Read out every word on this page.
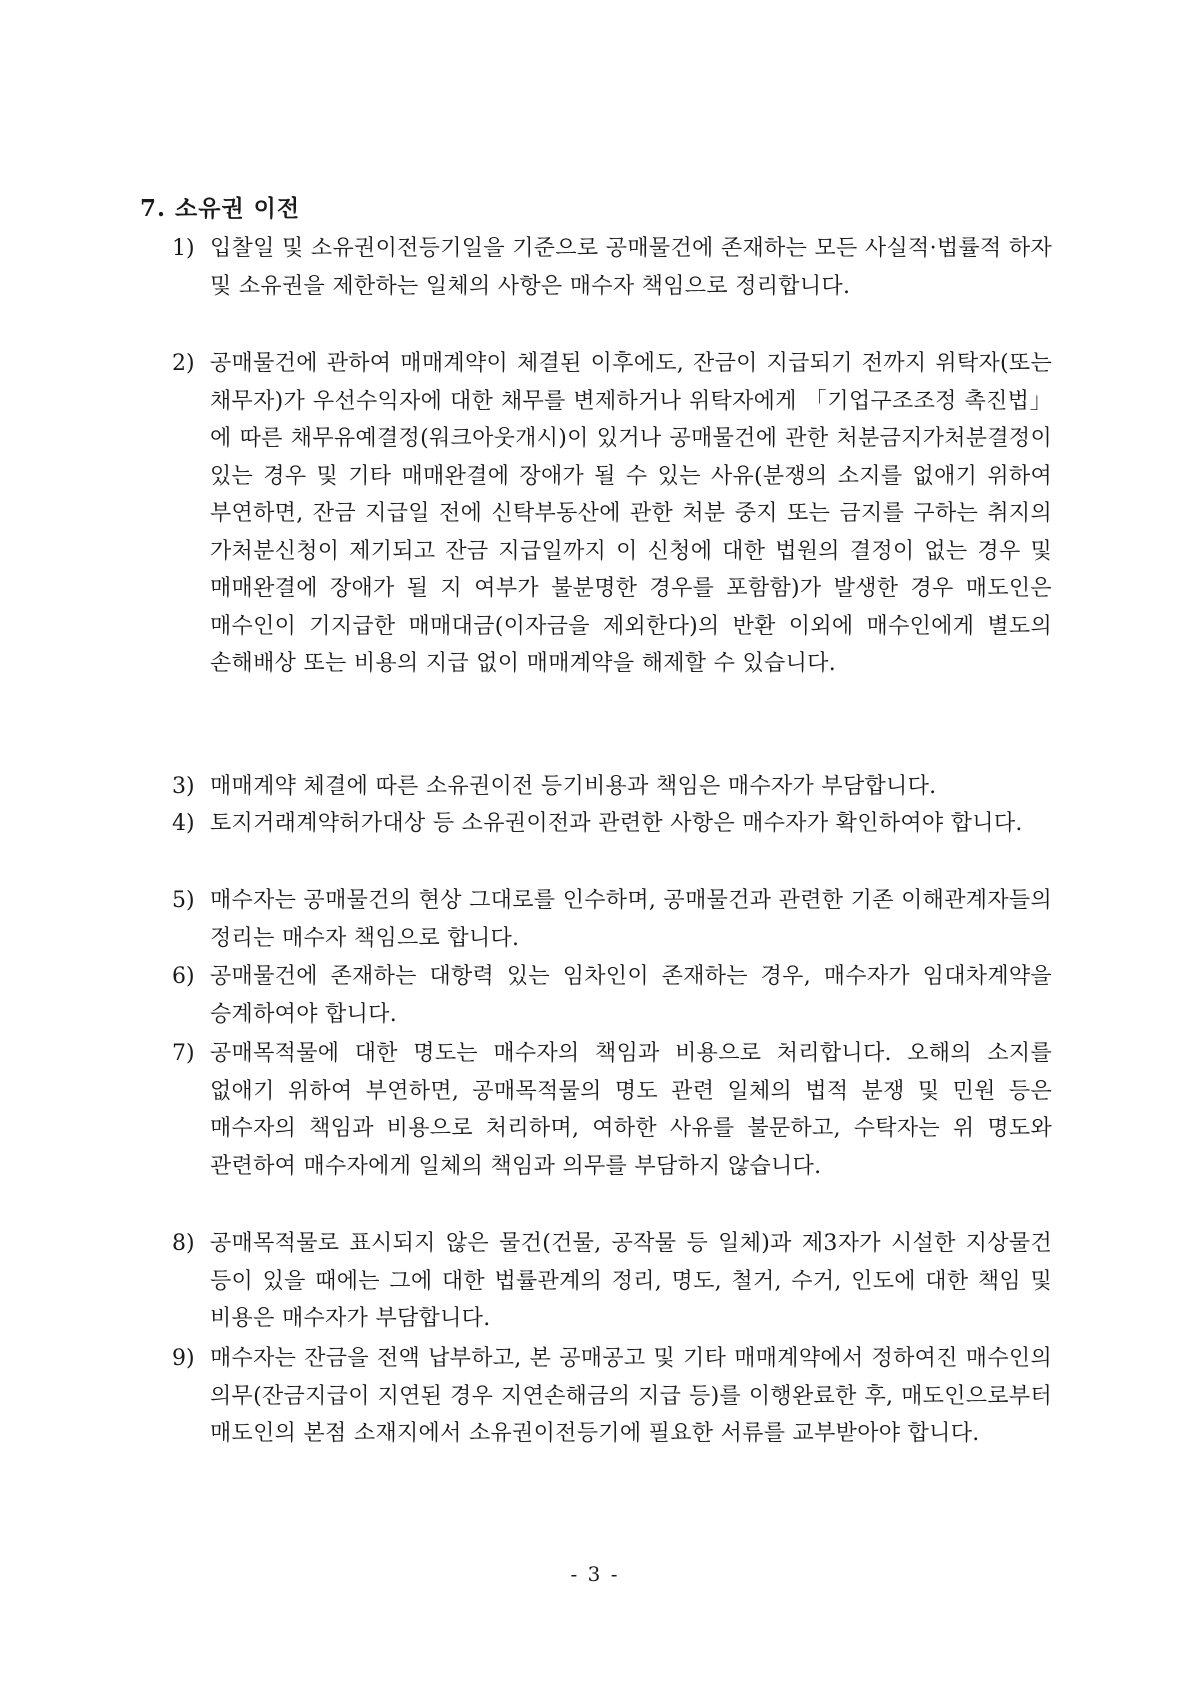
7. 소유권 이전
1) 입찰일 및 소유권이전등기일을 기준으로 공매물건에 존재하는 모든 사실적·법률적 하자 및 소유권을 제한하는 일체의 사항은 매수자 책임으로 정리합니다.
2) 공매물건에 관하여 매매계약이 체결된 이후에도, 잔금이 지급되기 전까지 위탁자(또는 채무자)가 우선수익자에 대한 채무를 변제하거나 위탁자에게 「기업구조조정 촉진법」에 따른 채무유예결정(워크아웃개시)이 있거나 공매물건에 관한 처분금지가처분결정이 있는 경우 및 기타 매매완결에 장애가 될 수 있는 사유(분쟁의 소지를 없애기 위하여 부연하면, 잔금 지급일 전에 신탁부동산에 관한 처분 중지 또는 금지를 구하는 취지의 가처분신청이 제기되고 잔금 지급일까지 이 신청에 대한 법원의 결정이 없는 경우 및 매매완결에 장애가 될 지 여부가 불분명한 경우를 포함함)가 발생한 경우 매도인은 매수인이 기지급한 매매대금(이자금을 제외한다)의 반환 이외에 매수인에게 별도의 손해배상 또는 비용의 지급 없이 매매계약을 해제할 수 있습니다.
3) 매매계약 체결에 따른 소유권이전 등기비용과 책임은 매수자가 부담합니다.
4) 토지거래계약허가대상 등 소유권이전과 관련한 사항은 매수자가 확인하여야 합니다.
5) 매수자는 공매물건의 현상 그대로를 인수하며, 공매물건과 관련한 기존 이해관계자들의 정리는 매수자 책임으로 합니다.
6) 공매물건에 존재하는 대항력 있는 임차인이 존재하는 경우, 매수자가 임대차계약을 승계하여야 합니다.
7) 공매목적물에 대한 명도는 매수자의 책임과 비용으로 처리합니다. 오해의 소지를 없애기 위하여 부연하면, 공매목적물의 명도 관련 일체의 법적 분쟁 및 민원 등은 매수자의 책임과 비용으로 처리하며, 여하한 사유를 불문하고, 수탁자는 위 명도와 관련하여 매수자에게 일체의 책임과 의무를 부담하지 않습니다.
8) 공매목적물로 표시되지 않은 물건(건물, 공작물 등 일체)과 제3자가 시설한 지상물건 등이 있을 때에는 그에 대한 법률관계의 정리, 명도, 철거, 수거, 인도에 대한 책임 및 비용은 매수자가 부담합니다.
9) 매수자는 잔금을 전액 납부하고, 본 공매공고 및 기타 매매계약에서 정하여진 매수인의 의무(잔금지급이 지연된 경우 지연손해금의 지급 등)를 이행완료한 후, 매도인으로부터 매도인의 본점 소재지에서 소유권이전등기에 필요한 서류를 교부받아야 합니다.
- 3 -
